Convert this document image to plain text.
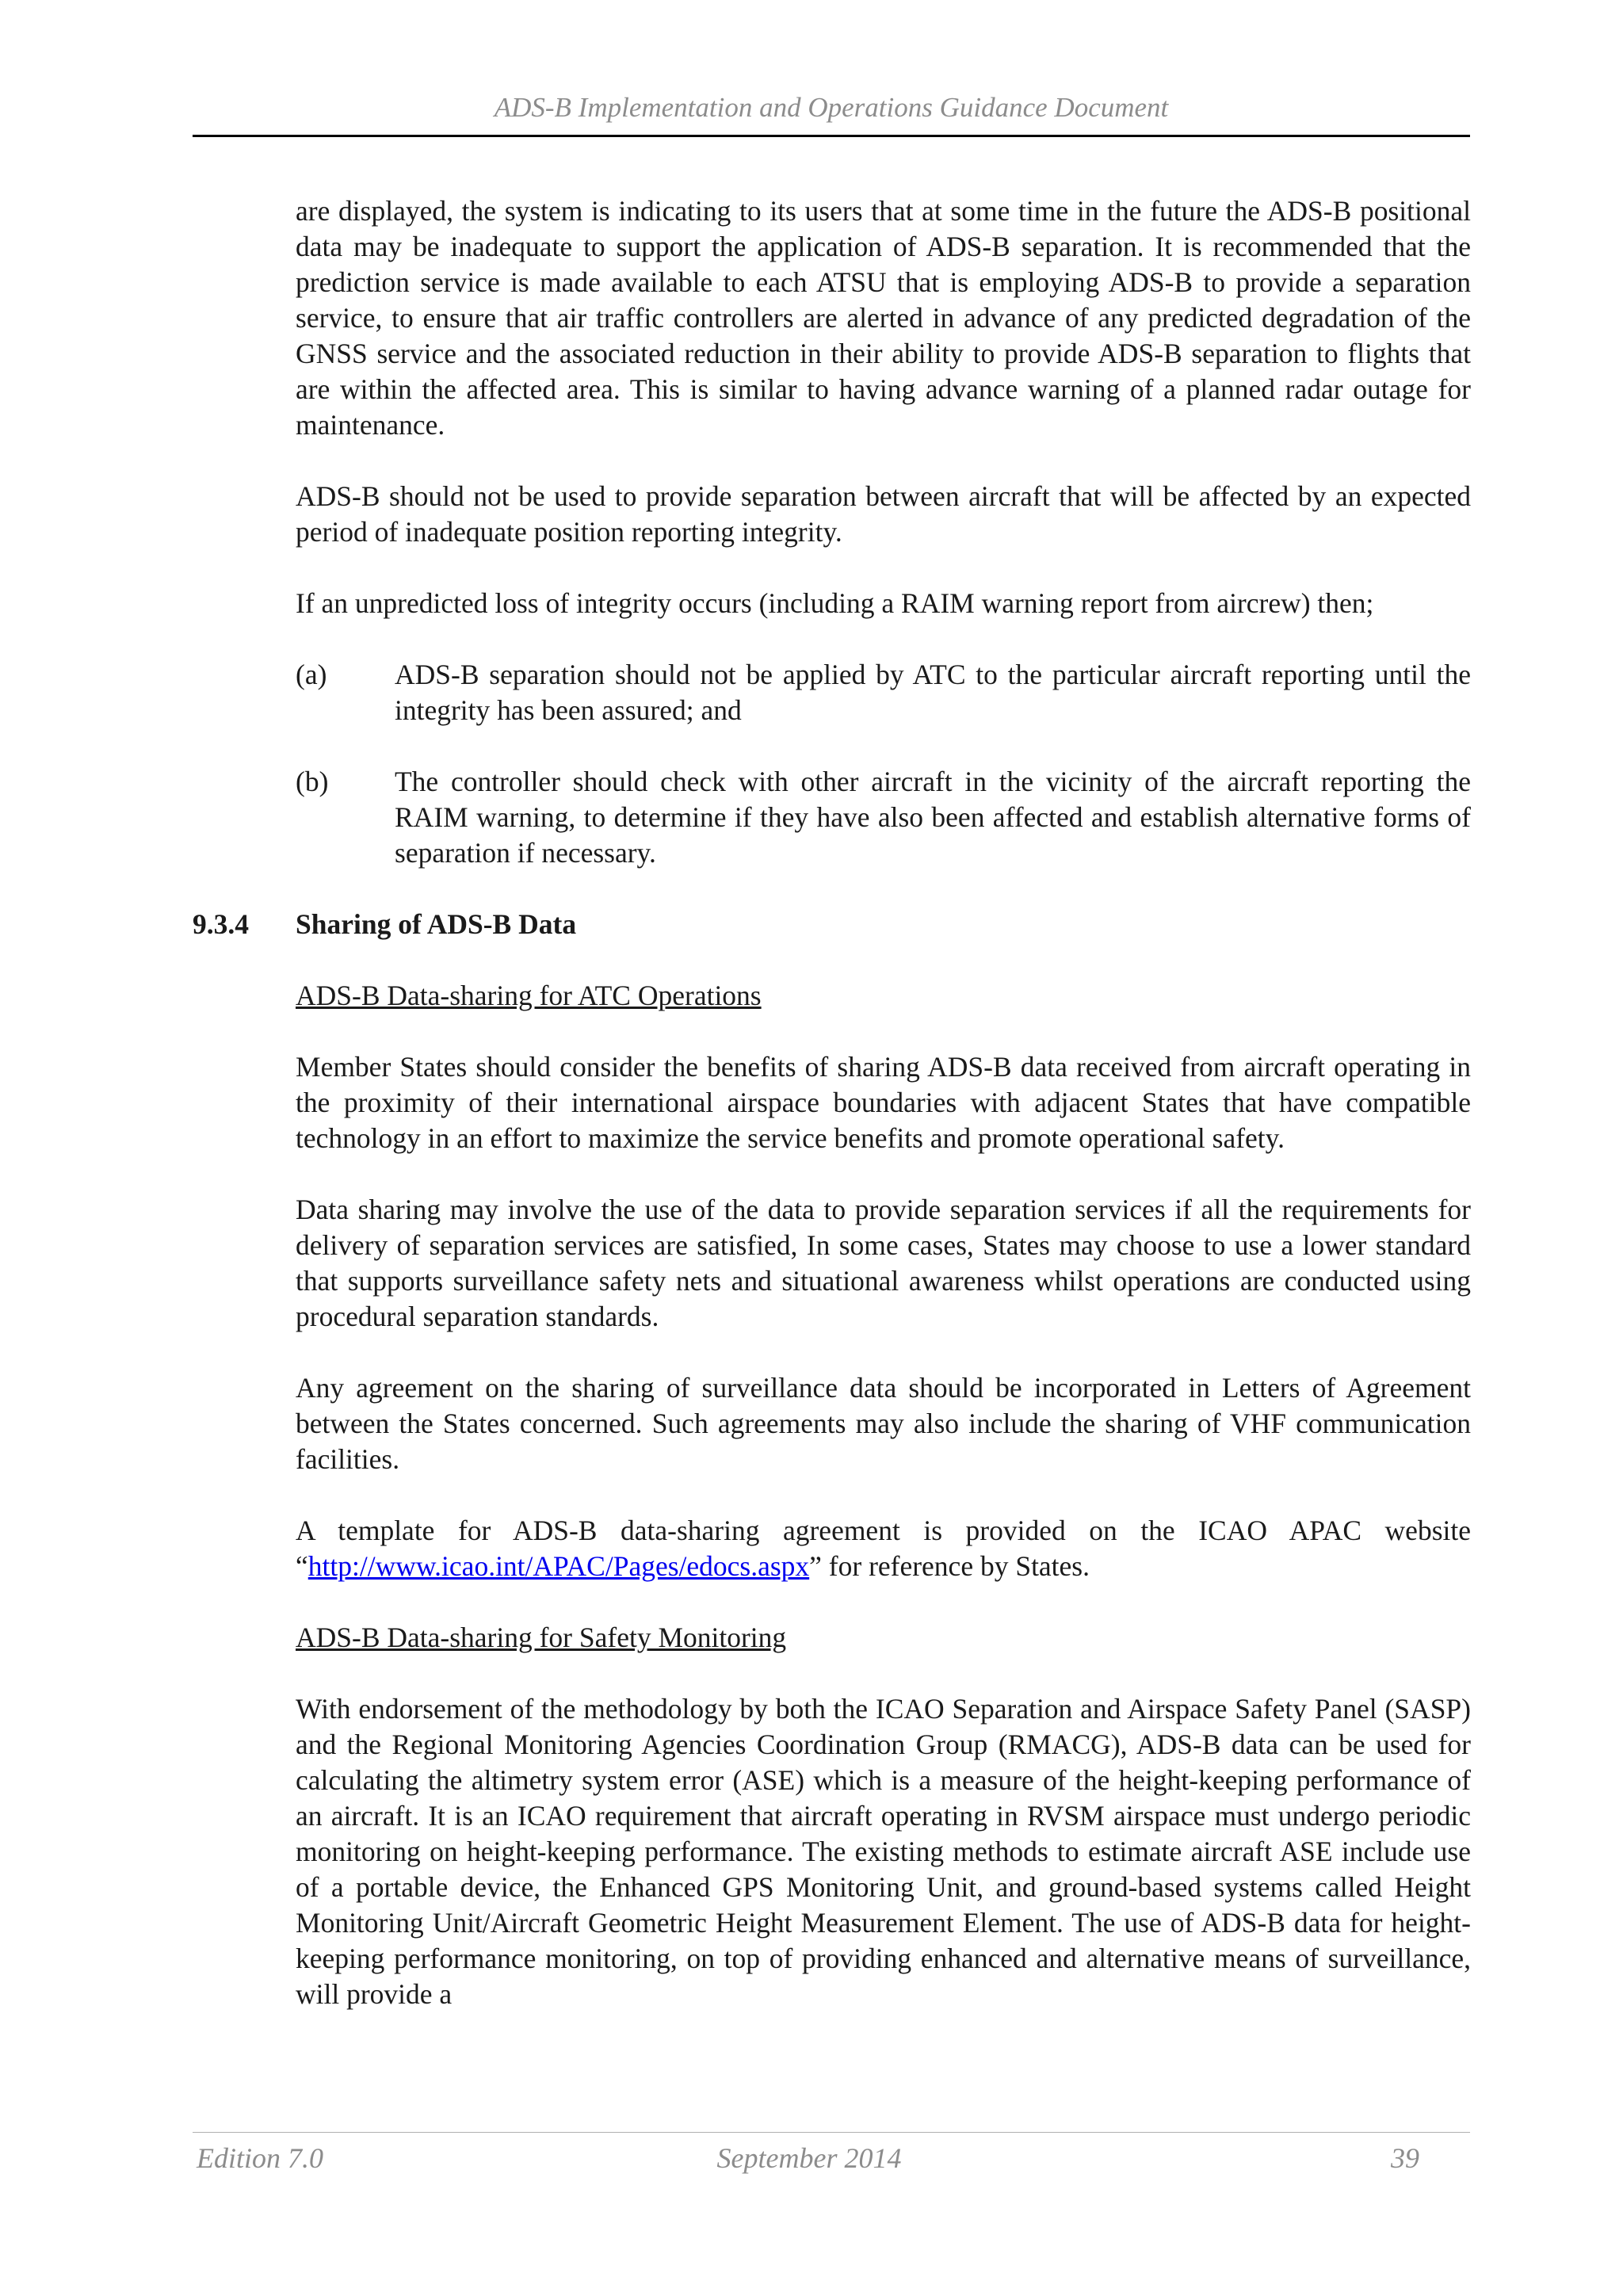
ADS-B Implementation and Operations Guidance Document

are displayed, the system is indicating to its users that at some time in the future the ADS-B positional data may be inadequate to support the application of ADS-B separation. It is recommended that the prediction service is made available to each ATSU that is employing ADS-B to provide a separation service, to ensure that air traffic controllers are alerted in advance of any predicted degradation of the GNSS service and the associated reduction in their ability to provide ADS-B separation to flights that are within the affected area. This is similar to having advance warning of a planned radar outage for maintenance.

ADS-B should not be used to provide separation between aircraft that will be affected by an expected period of inadequate position reporting integrity.

If an unpredicted loss of integrity occurs (including a RAIM warning report from aircrew) then;

(a) ADS-B separation should not be applied by ATC to the particular aircraft reporting until the integrity has been assured; and
(b) The controller should check with other aircraft in the vicinity of the aircraft reporting the RAIM warning, to determine if they have also been affected and establish alternative forms of separation if necessary.
9.3.4 Sharing of ADS-B Data
ADS-B Data-sharing for ATC Operations

Member States should consider the benefits of sharing ADS-B data received from aircraft operating in the proximity of their international airspace boundaries with adjacent States that have compatible technology in an effort to maximize the service benefits and promote operational safety.

Data sharing may involve the use of the data to provide separation services if all the requirements for delivery of separation services are satisfied, In some cases, States may choose to use a lower standard that supports surveillance safety nets and situational awareness whilst operations are conducted using procedural separation standards.

Any agreement on the sharing of surveillance data should be incorporated in Letters of Agreement between the States concerned. Such agreements may also include the sharing of VHF communication facilities.

A template for ADS-B data-sharing agreement is provided on the ICAO APAC website “http://www.icao.int/APAC/Pages/edocs.aspx” for reference by States.

ADS-B Data-sharing for Safety Monitoring

With endorsement of the methodology by both the ICAO Separation and Airspace Safety Panel (SASP) and the Regional Monitoring Agencies Coordination Group (RMACG), ADS-B data can be used for calculating the altimetry system error (ASE) which is a measure of the height-keeping performance of an aircraft. It is an ICAO requirement that aircraft operating in RVSM airspace must undergo periodic monitoring on height-keeping performance. The existing methods to estimate aircraft ASE include use of a portable device, the Enhanced GPS Monitoring Unit, and ground-based systems called Height Monitoring Unit/Aircraft Geometric Height Measurement Element. The use of ADS-B data for height-keeping performance monitoring, on top of providing enhanced and alternative means of surveillance, will provide a

Edition 7.0	September 2014	39
